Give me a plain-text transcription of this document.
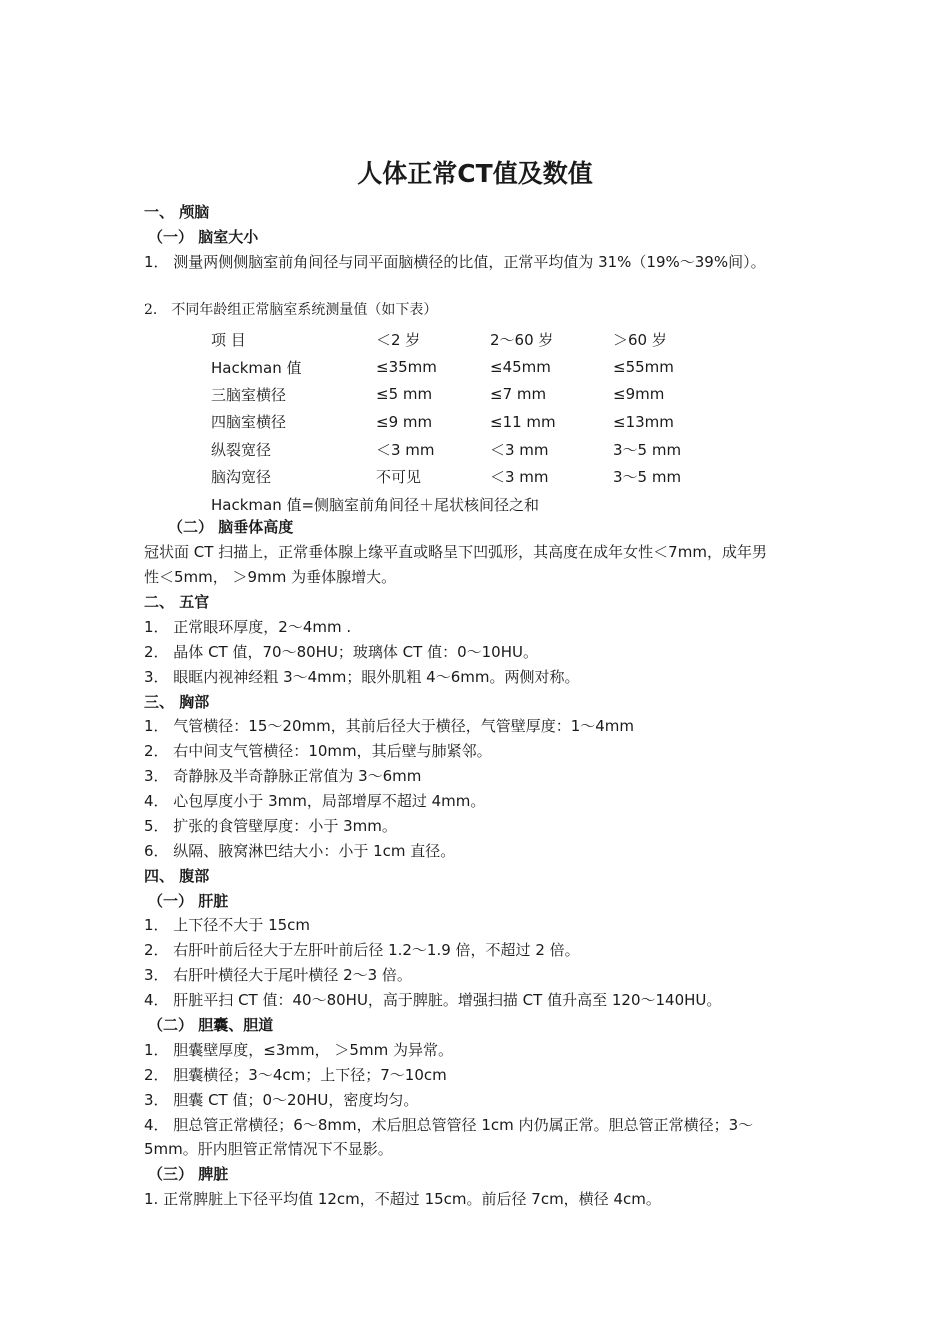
人体正常CT值及数值
一、 颅脑
（一） 脑室大小
1． 测量两侧侧脑室前角间径与同平面脑横径的比值，正常平均值为 31%（19%～39%间）。
2． 不同年龄组正常脑室系统测量值（如下表）
项 目	＜2 岁	2～60 岁	＞60 岁
Hackman 值	≤35mm	≤45mm	≤55mm
三脑室横径	≤5 mm	≤7 mm	≤9mm
四脑室横径	≤9 mm	≤11 mm	≤13mm
纵裂宽径	＜3 mm	＜3 mm	3～5 mm
脑沟宽径	不可见	＜3 mm	3～5 mm
Hackman 值=侧脑室前角间径＋尾状核间径之和			
（二） 脑垂体高度
冠状面 CT 扫描上，正常垂体腺上缘平直或略呈下凹弧形，其高度在成年女性＜7mm，成年男
性＜5mm， ＞9mm 为垂体腺增大。
二、 五官
1． 正常眼环厚度，2～4mm .
2． 晶体 CT 值，70～80HU；玻璃体 CT 值：0～10HU。
3． 眼眶内视神经粗 3～4mm；眼外肌粗 4～6mm。两侧对称。
三、 胸部
1． 气管横径：15～20mm，其前后径大于横径，气管壁厚度：1～4mm
2． 右中间支气管横径：10mm，其后壁与肺紧邻。
3． 奇静脉及半奇静脉正常值为 3～6mm
4． 心包厚度小于 3mm，局部增厚不超过 4mm。
5． 扩张的食管壁厚度：小于 3mm。
6． 纵隔、腋窝淋巴结大小：小于 1cm 直径。
四、 腹部
（一） 肝脏
1． 上下径不大于 15cm
2． 右肝叶前后径大于左肝叶前后径 1.2～1.9 倍，不超过 2 倍。
3． 右肝叶横径大于尾叶横径 2～3 倍。
4． 肝脏平扫 CT 值：40～80HU，高于脾脏。增强扫描 CT 值升高至 120～140HU。
（二） 胆囊、胆道
1． 胆囊壁厚度，≤3mm， ＞5mm 为异常。
2． 胆囊横径；3～4cm；上下径；7～10cm
3． 胆囊 CT 值；0～20HU，密度均匀。
4． 胆总管正常横径；6～8mm，术后胆总管管径 1cm 内仍属正常。胆总管正常横径；3～
5mm。肝内胆管正常情况下不显影。
（三） 脾脏
1. 正常脾脏上下径平均值 12cm，不超过 15cm。前后径 7cm，横径 4cm。
